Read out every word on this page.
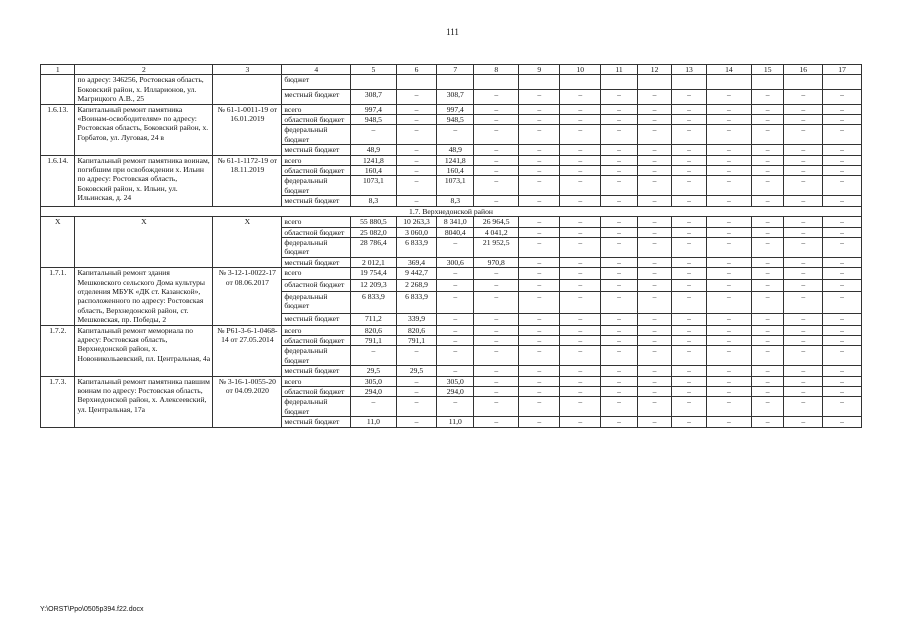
111
1	2	3	4	5	6	7	8	9	10	11	12	13	14	15	16	17
	по адресу: 346256, Ростовская область, Боковский район, х. Илларионов, ул. Магрицкого А.В., 25		бюджет													
			местный бюджет	308,7	–	308,7	–	–	–	–	–	–	–	–	–	–
1.6.13.	Капитальный ремонт памятника «Воинам-освободителям» по адресу: Ростовская область, Боковский район, х. Горбатов, ул. Луговая, 24 в	№ 61-1-0011-19 от 16.01.2019	всего	997,4	–	997,4	–	–	–	–	–	–	–	–	–	–
			областной бюджет	948,5	–	948,5	–	–	–	–	–	–	–	–	–	–
			федеральный бюджет	–	–	–	–	–	–	–	–	–	–	–	–	–
			местный бюджет	48,9	–	48,9	–	–	–	–	–	–	–	–	–	–
1.6.14.	Капитальный ремонт памятника воинам, погибшим при освобождении х. Ильин по адресу: Ростовская область, Боковский район, х. Ильин, ул. Ильинская, д. 24	№ 61-1-1172-19 от 18.11.2019	всего	1241,8	–	1241,8	–	–	–	–	–	–	–	–	–	–
			областной бюджет	160,4	–	160,4	–	–	–	–	–	–	–	–	–	–
			федеральный бюджет	1073,1	–	1073,1	–	–	–	–	–	–	–	–	–	–
			местный бюджет	8,3	–	8,3	–	–	–	–	–	–	–	–	–	–
1.7. Верхнедонской район																
Х	Х	Х	всего	55 880,5	10 263,3	8 341,0	26 964,5	–	–	–	–	–	–	–	–	–
			областной бюджет	25 082,0	3 060,0	8040,4	4 041,2	–	–	–	–	–	–	–	–	–
			федеральный бюджет	28 786,4	6 833,9	–	21 952,5	–	–	–	–	–	–	–	–	–
			местный бюджет	2 012,1	369,4	300,6	970,8	–	–	–	–	–	–	–	–	–
1.7.1.	Капитальный ремонт здания Мешковского сельского Дома культуры отделения МБУК «ДК ст. Казанской», расположенного по адресу: Ростовская область, Верхнедонской район, ст. Мешковская, пр. Победы, 2	№ 3-12-1-0022-17 от 08.06.2017	всего	19 754,4	9 442,7	–	–	–	–	–	–	–	–	–	–	–
			областной бюджет	12 209,3	2 268,9	–	–	–	–	–	–	–	–	–	–	–
			федеральный бюджет	6 833,9	6 833,9	–	–	–	–	–	–	–	–	–	–	–
			местный бюджет	711,2	339,9	–	–	–	–	–	–	–	–	–	–	–
1.7.2.	Капитальный ремонт мемориала по адресу: Ростовская область, Верхнедонской район, х. Новоникольаевский, пл. Центральная, 4а	№ Р61-3-6-1-0468-14 от 27.05.2014	всего	820,6	820,6	–	–	–	–	–	–	–	–	–	–	–
			областной бюджет	791,1	791,1	–	–	–	–	–	–	–	–	–	–	–
			федеральный бюджет	–	–	–	–	–	–	–	–	–	–	–	–	–
			местный бюджет	29,5	29,5	–	–	–	–	–	–	–	–	–	–	–
1.7.3.	Капитальный ремонт памятника павшим воинам по адресу: Ростовская область, Верхнедонской район, х. Алексеевский, ул. Центральная, 17а	№ 3-16-1-0055-20 от 04.09.2020	всего	305,0	–	305,0	–	–	–	–	–	–	–	–	–	–
			областной бюджет	294,0	–	294,0	–	–	–	–	–	–	–	–	–	–
			федеральный бюджет	–	–	–	–	–	–	–	–	–	–	–	–	–
			местный бюджет	11,0	–	11,0	–	–	–	–	–	–	–	–	–	–
Y:\ORST\Ppo\0505p394.f22.docx
